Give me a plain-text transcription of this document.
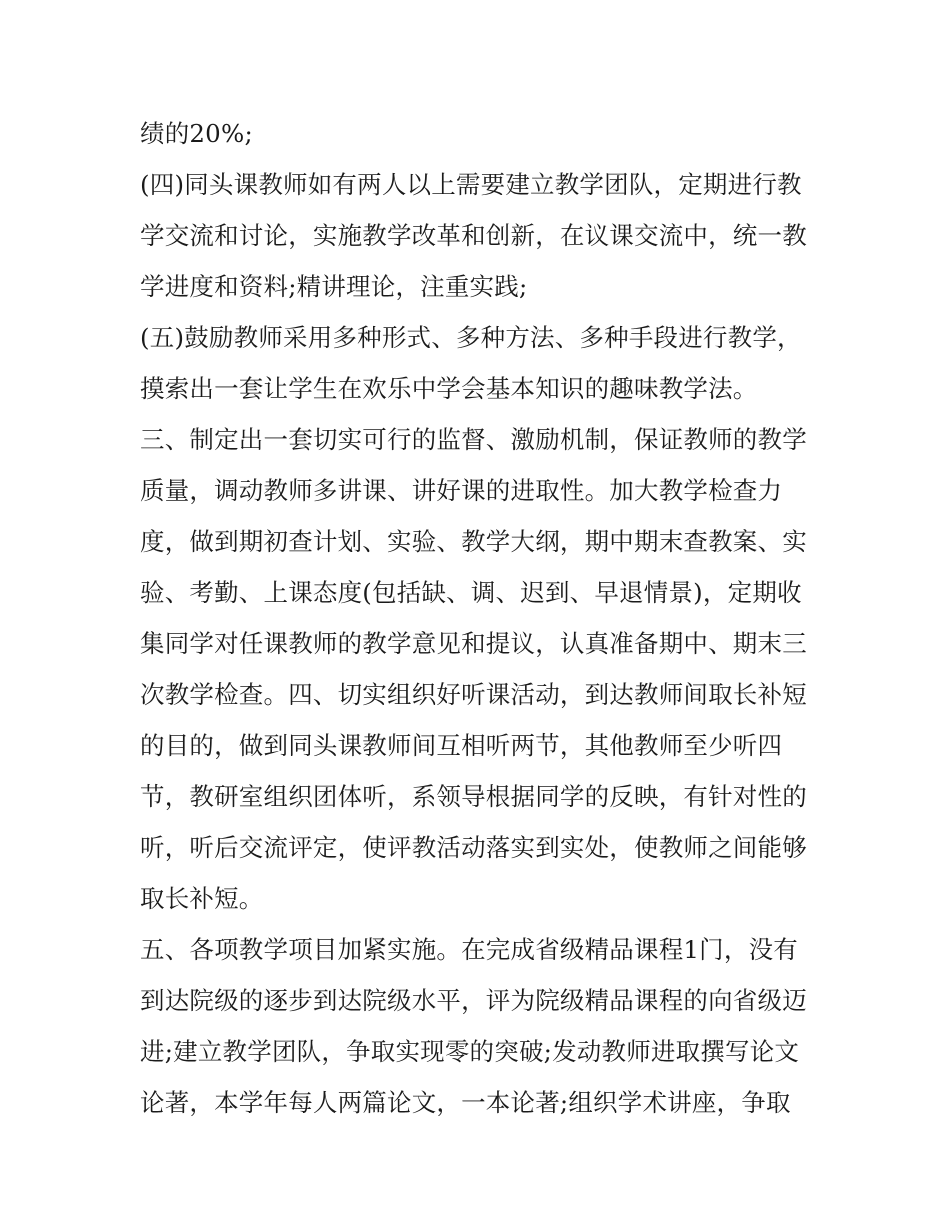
绩的20%;
(四)同头课教师如有两人以上需要建立教学团队，定期进行教
学交流和讨论，实施教学改革和创新，在议课交流中，统一教
学进度和资料;精讲理论，注重实践;
(五)鼓励教师采用多种形式、多种方法、多种手段进行教学，
摸索出一套让学生在欢乐中学会基本知识的趣味教学法。
三、制定出一套切实可行的监督、激励机制，保证教师的教学
质量，调动教师多讲课、讲好课的进取性。加大教学检查力
度，做到期初查计划、实验、教学大纲，期中期末查教案、实
验、考勤、上课态度(包括缺、调、迟到、早退情景)，定期收
集同学对任课教师的教学意见和提议，认真准备期中、期末三
次教学检查。四、切实组织好听课活动，到达教师间取长补短
的目的，做到同头课教师间互相听两节，其他教师至少听四
节，教研室组织团体听，系领导根据同学的反映，有针对性的
听，听后交流评定，使评教活动落实到实处，使教师之间能够
取长补短。
五、各项教学项目加紧实施。在完成省级精品课程1门，没有
到达院级的逐步到达院级水平，评为院级精品课程的向省级迈
进;建立教学团队，争取实现零的突破;发动教师进取撰写论文
论著，本学年每人两篇论文，一本论著;组织学术讲座，争取
